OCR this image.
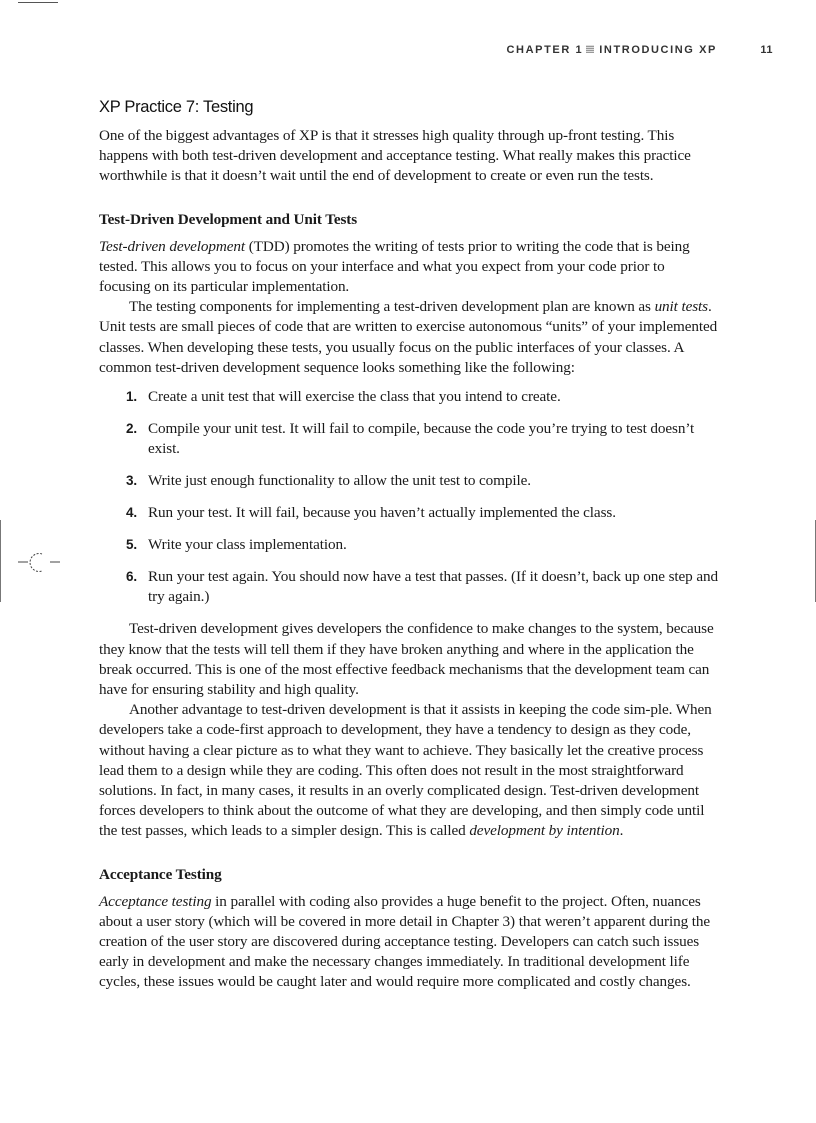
CHAPTER 1 INTRODUCING XP	11
XP Practice 7: Testing

One of the biggest advantages of XP is that it stresses high quality through up-front testing. This happens with both test-driven development and acceptance testing. What really makes this practice worthwhile is that it doesn’t wait until the end of development to create or even run the tests.

Test-Driven Development and Unit Tests

Test-driven development (TDD) promotes the writing of tests prior to writing the code that is being tested. This allows you to focus on your interface and what you expect from your code prior to focusing on its particular implementation.

The testing components for implementing a test-driven development plan are known as unit tests. Unit tests are small pieces of code that are written to exercise autonomous “units” of your implemented classes. When developing these tests, you usually focus on the public interfaces of your classes. A common test-driven development sequence looks something like the following:

1. Create a unit test that will exercise the class that you intend to create.
2. Compile your unit test. It will fail to compile, because the code you’re trying to test doesn’t exist.
3. Write just enough functionality to allow the unit test to compile.
4. Run your test. It will fail, because you haven’t actually implemented the class.
5. Write your class implementation.
6. Run your test again. You should now have a test that passes. (If it doesn’t, back up one step and try again.)

Test-driven development gives developers the confidence to make changes to the system, because they know that the tests will tell them if they have broken anything and where in the application the break occurred. This is one of the most effective feedback mechanisms that the development team can have for ensuring stability and high quality.

Another advantage to test-driven development is that it assists in keeping the code sim-ple. When developers take a code-first approach to development, they have a tendency to design as they code, without having a clear picture as to what they want to achieve. They basically let the creative process lead them to a design while they are coding. This often does not result in the most straightforward solutions. In fact, in many cases, it results in an overly complicated design. Test-driven development forces developers to think about the outcome of what they are developing, and then simply code until the test passes, which leads to a simpler design. This is called development by intention.

Acceptance Testing

Acceptance testing in parallel with coding also provides a huge benefit to the project. Often, nuances about a user story (which will be covered in more detail in Chapter 3) that weren’t apparent during the creation of the user story are discovered during acceptance testing. Developers can catch such issues early in development and make the necessary changes immediately. In traditional development life cycles, these issues would be caught later and would require more complicated and costly changes.
